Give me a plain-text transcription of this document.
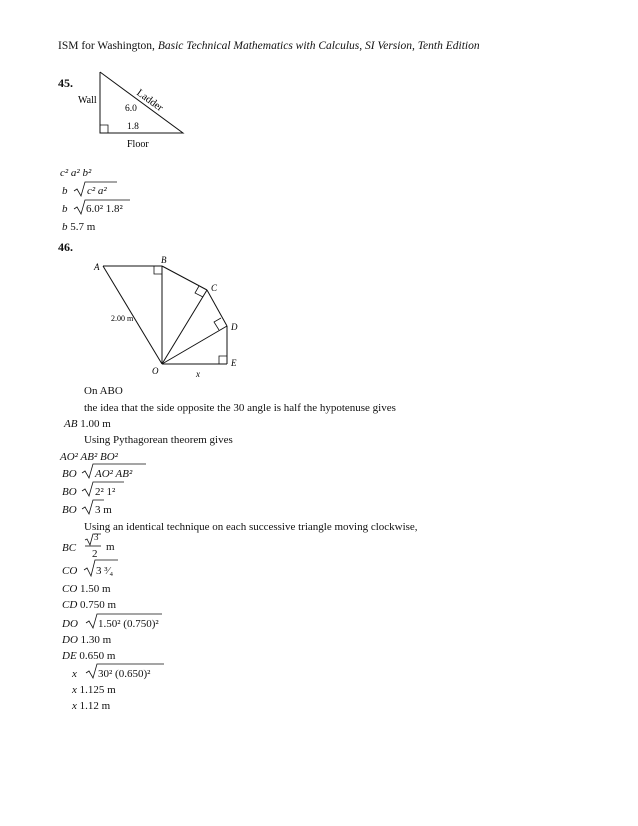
ISM for Washington, Basic Technical Mathematics with Calculus, SI Version, Tenth Edition
45.
Wall	Ladder
6.0
1.8
Floor
c² a² b²
b c² a²
b 6.0² 1.8²
b 5.7 m
46.
A
B
C
D
E
O	x
2.00 m
On ABO
the idea that the side opposite the 30 angle is half the hypotenuse gives
AB 1.00 m
Using Pythagorean theorem gives
AO² AB² BO²
BO AO² AB²
BO 2² 1²
BO 3 m
Using an identical technique on each successive triangle moving clockwise,
BC
3
2
m
CO 3 ³⁄₄
CO 1.50 m
CD 0.750 m
DO 1.50² (0.750)²
DO 1.30 m
DE 0.650 m
x 30² (0.650)²
x 1.125 m
x 1.12 m
